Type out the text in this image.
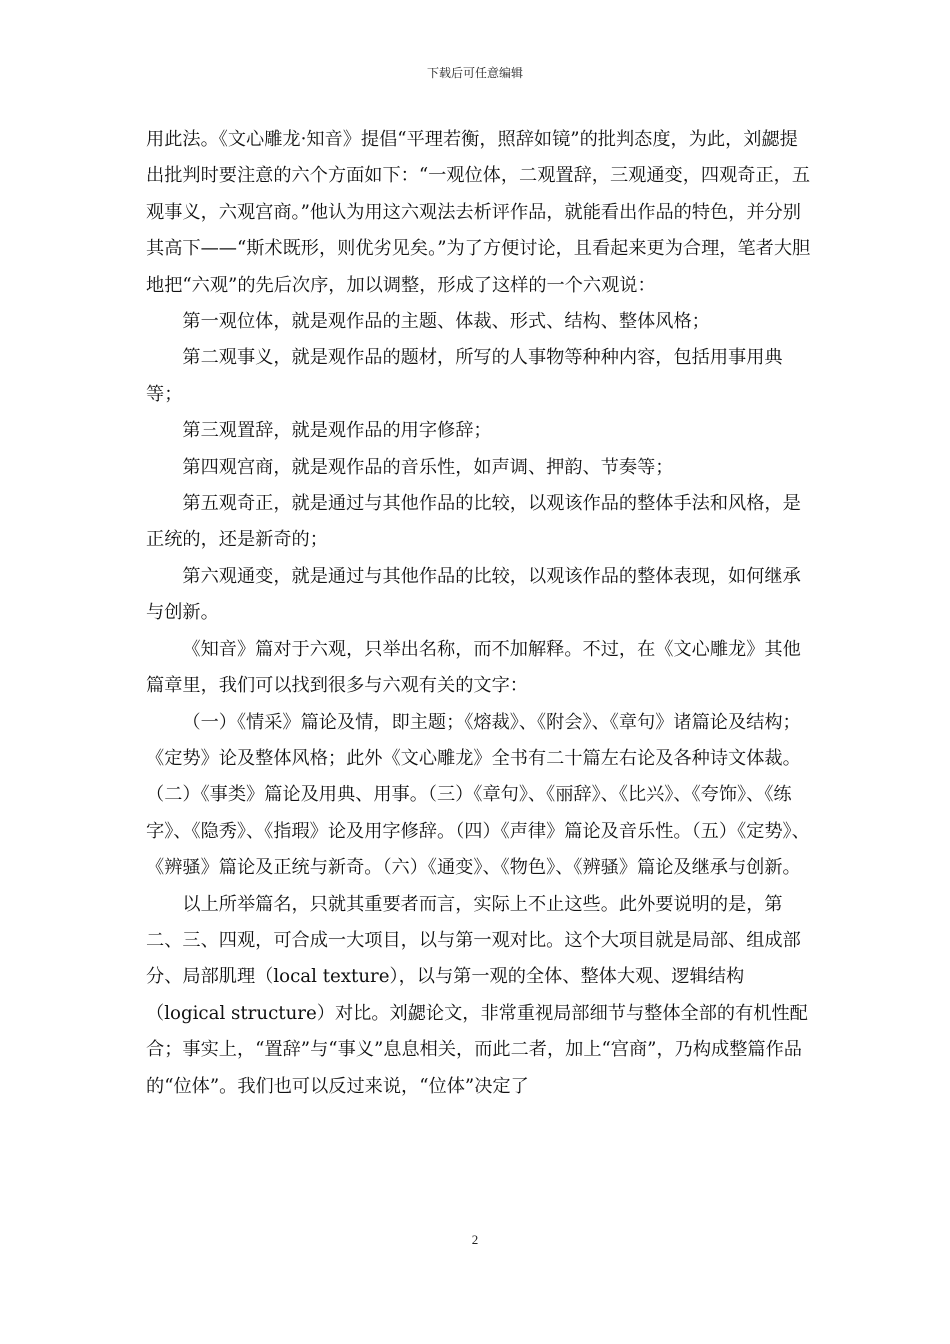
下载后可任意编辑

用此法。《文心雕龙·知音》提倡“平理若衡，照辞如镜”的批判态度，为此，刘勰提出批判时要注意的六个方面如下：“一观位体，二观置辞，三观通变，四观奇正，五观事义，六观宫商。”他认为用这六观法去析评作品，就能看出作品的特色，并分别其高下——“斯术既形，则优劣见矣。”为了方便讨论，且看起来更为合理，笔者大胆地把“六观”的先后次序，加以调整，形成了这样的一个六观说：

第一观位体，就是观作品的主题、体裁、形式、结构、整体风格；

第二观事义，就是观作品的题材，所写的人事物等种种内容，包括用事用典等；

第三观置辞，就是观作品的用字修辞；

第四观宫商，就是观作品的音乐性，如声调、押韵、节奏等；

第五观奇正，就是通过与其他作品的比较，以观该作品的整体手法和风格，是正统的，还是新奇的；

第六观通变，就是通过与其他作品的比较，以观该作品的整体表现，如何继承与创新。

《知音》篇对于六观，只举出名称，而不加解释。不过，在《文心雕龙》其他篇章里，我们可以找到很多与六观有关的文字：

（一）《情采》篇论及情，即主题；《熔裁》、《附会》、《章句》诸篇论及结构；《定势》论及整体风格；此外《文心雕龙》全书有二十篇左右论及各种诗文体裁。（二）《事类》篇论及用典、用事。（三）《章句》、《丽辞》、《比兴》、《夸饰》、《练字》、《隐秀》、《指瑕》论及用字修辞。（四）《声律》篇论及音乐性。（五）《定势》、《辨骚》篇论及正统与新奇。（六）《通变》、《物色》、《辨骚》篇论及继承与创新。

以上所举篇名，只就其重要者而言，实际上不止这些。此外要说明的是，第二、三、四观，可合成一大项目，以与第一观对比。这个大项目就是局部、组成部分、局部肌理（local texture），以与第一观的全体、整体大观、逻辑结构（logical structure）对比。刘勰论文，非常重视局部细节与整体全部的有机性配合；事实上，“置辞”与“事义”息息相关，而此二者，加上“宫商”，乃构成整篇作品的“位体”。我们也可以反过来说，“位体”决定了

2
